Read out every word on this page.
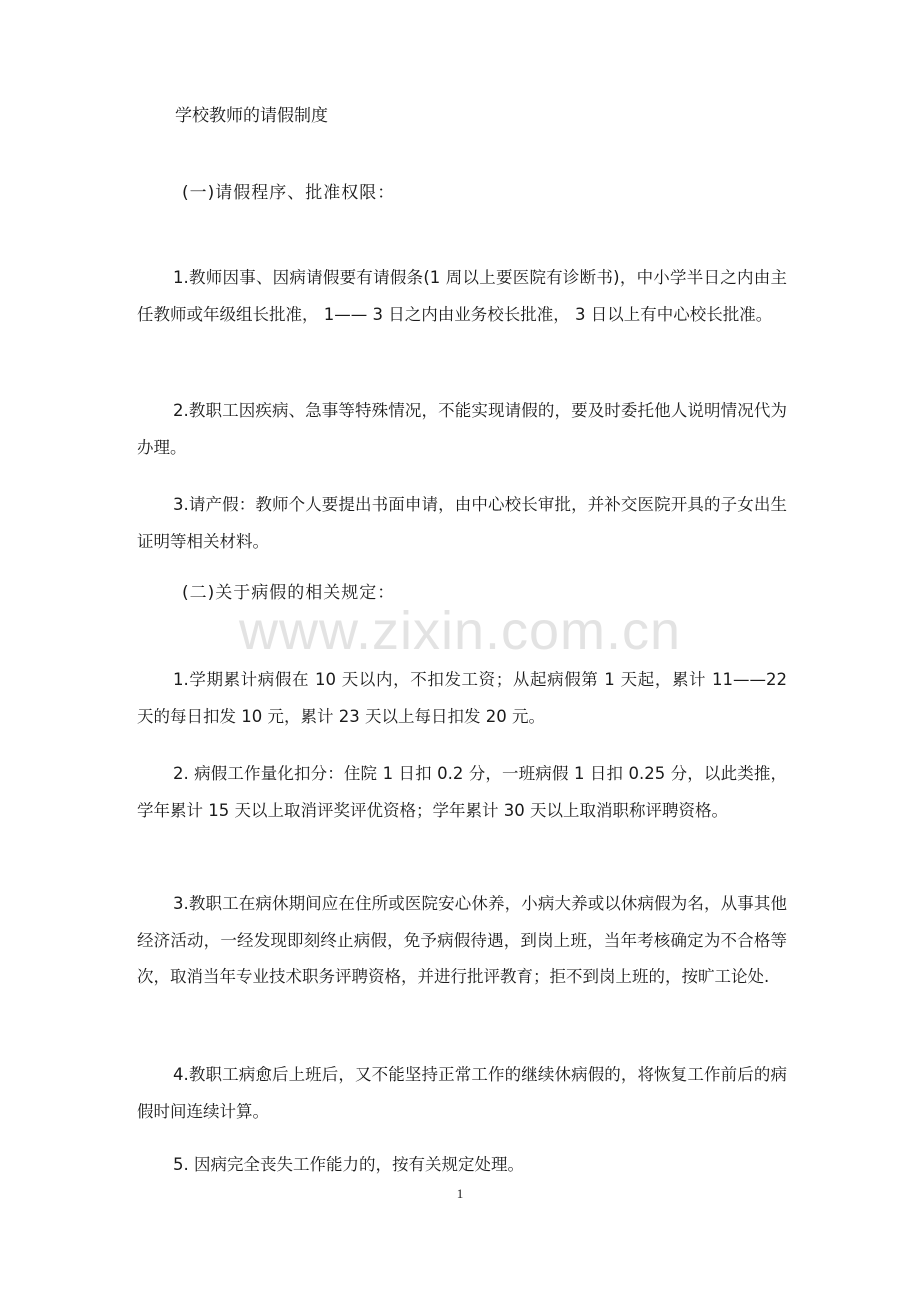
学校教师的请假制度
(一)请假程序、批准权限：

1.教师因事、因病请假要有请假条(1 周以上要医院有诊断书)，中小学半日之内由主任教师或年级组长批准， 1—— 3 日之内由业务校长批准， 3 日以上有中心校长批准。

2.教职工因疾病、急事等特殊情况，不能实现请假的，要及时委托他人说明情况代为办理。

3.请产假：教师个人要提出书面申请，由中心校长审批，并补交医院开具的子女出生证明等相关材料。

(二)关于病假的相关规定：
www.zixin.com.cn

1.学期累计病假在 10 天以内，不扣发工资；从起病假第 1 天起，累计 11——22 天的每日扣发 10 元，累计 23 天以上每日扣发 20 元。

2. 病假工作量化扣分：住院 1 日扣 0.2 分，一班病假 1 日扣 0.25 分，以此类推，学年累计 15 天以上取消评奖评优资格；学年累计 30 天以上取消职称评聘资格。

3.教职工在病休期间应在住所或医院安心休养，小病大养或以休病假为名，从事其他经济活动，一经发现即刻终止病假，免予病假待遇，到岗上班，当年考核确定为不合格等次，取消当年专业技术职务评聘资格，并进行批评教育；拒不到岗上班的，按旷工论处.

4.教职工病愈后上班后，又不能坚持正常工作的继续休病假的，将恢复工作前后的病假时间连续计算。

5. 因病完全丧失工作能力的，按有关规定处理。

1
